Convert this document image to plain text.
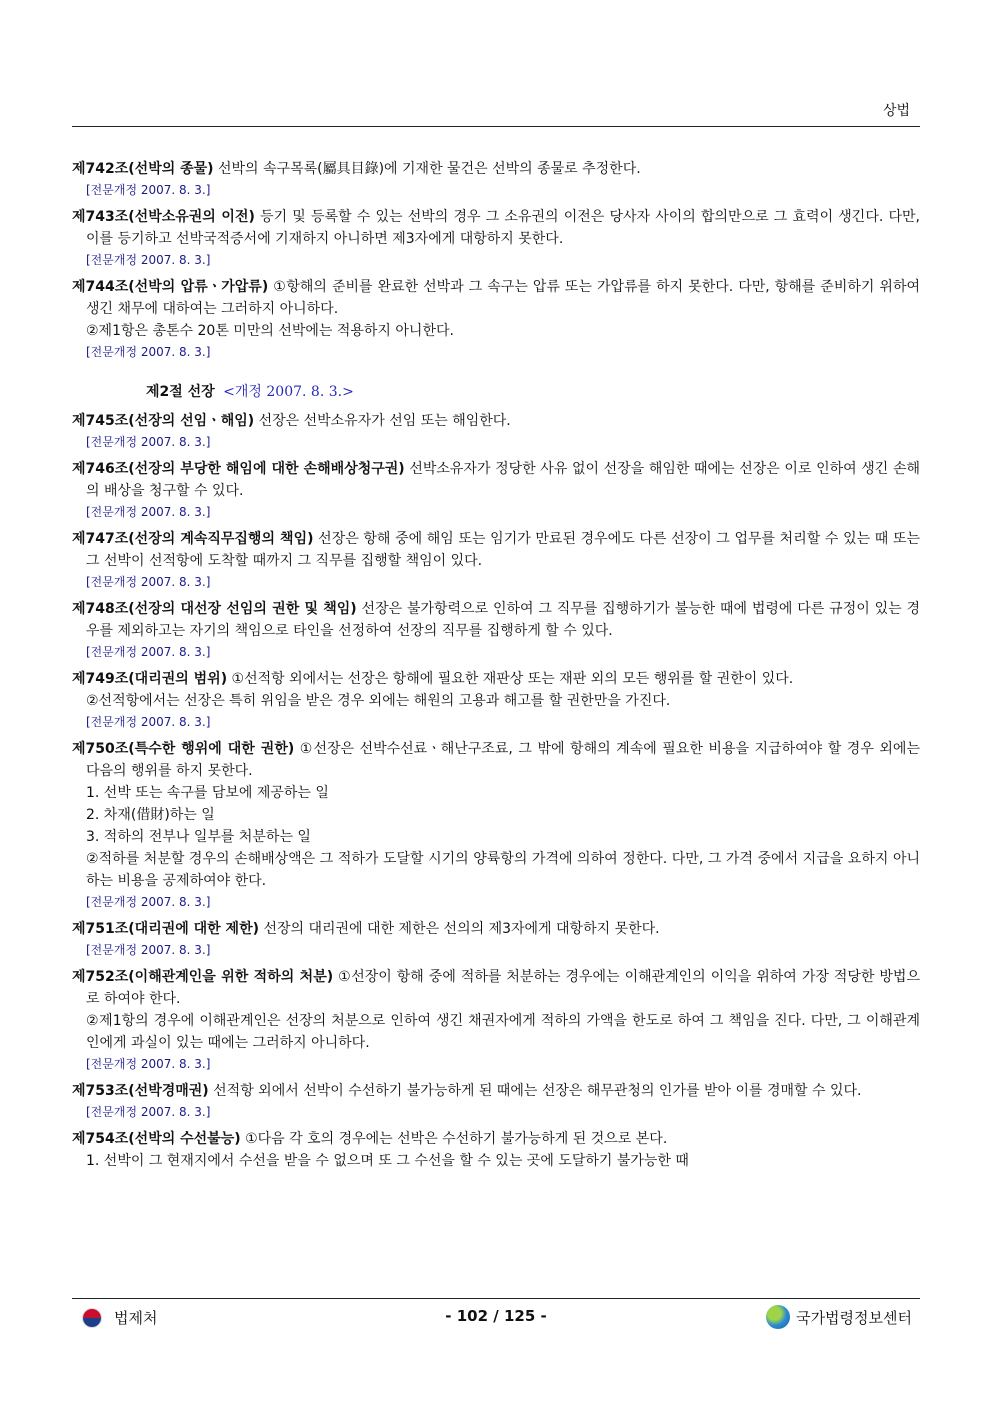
상법

제742조(선박의 종물) 선박의 속구목록(屬具目錄)에 기재한 물건은 선박의 종물로 추정한다.

[전문개정 2007. 8. 3.]

제743조(선박소유권의 이전) 등기 및 등록할 수 있는 선박의 경우 그 소유권의 이전은 당사자 사이의 합의만으로 그 효력이 생긴다. 다만, 이를 등기하고 선박국적증서에 기재하지 아니하면 제3자에게 대항하지 못한다.

[전문개정 2007. 8. 3.]

제744조(선박의 압류ㆍ가압류) ①항해의 준비를 완료한 선박과 그 속구는 압류 또는 가압류를 하지 못한다. 다만, 항해를 준비하기 위하여 생긴 채무에 대하여는 그러하지 아니하다.

②제1항은 총톤수 20톤 미만의 선박에는 적용하지 아니한다.

[전문개정 2007. 8. 3.]

제2절 선장 <개정 2007. 8. 3.>

제745조(선장의 선임ㆍ해임) 선장은 선박소유자가 선임 또는 해임한다.

[전문개정 2007. 8. 3.]

제746조(선장의 부당한 해임에 대한 손해배상청구권) 선박소유자가 정당한 사유 없이 선장을 해임한 때에는 선장은 이로 인하여 생긴 손해의 배상을 청구할 수 있다.

[전문개정 2007. 8. 3.]

제747조(선장의 계속직무집행의 책임) 선장은 항해 중에 해임 또는 임기가 만료된 경우에도 다른 선장이 그 업무를 처리할 수 있는 때 또는 그 선박이 선적항에 도착할 때까지 그 직무를 집행할 책임이 있다.

[전문개정 2007. 8. 3.]

제748조(선장의 대선장 선임의 권한 및 책임) 선장은 불가항력으로 인하여 그 직무를 집행하기가 불능한 때에 법령에 다른 규정이 있는 경우를 제외하고는 자기의 책임으로 타인을 선정하여 선장의 직무를 집행하게 할 수 있다.

[전문개정 2007. 8. 3.]

제749조(대리권의 범위) ①선적항 외에서는 선장은 항해에 필요한 재판상 또는 재판 외의 모든 행위를 할 권한이 있다.

②선적항에서는 선장은 특히 위임을 받은 경우 외에는 해원의 고용과 해고를 할 권한만을 가진다.

[전문개정 2007. 8. 3.]

제750조(특수한 행위에 대한 권한) ①선장은 선박수선료ㆍ해난구조료, 그 밖에 항해의 계속에 필요한 비용을 지급하여야 할 경우 외에는 다음의 행위를 하지 못한다.

1. 선박 또는 속구를 담보에 제공하는 일

2. 차재(借財)하는 일

3. 적하의 전부나 일부를 처분하는 일

②적하를 처분할 경우의 손해배상액은 그 적하가 도달할 시기의 양륙항의 가격에 의하여 정한다. 다만, 그 가격 중에서 지급을 요하지 아니하는 비용을 공제하여야 한다.

[전문개정 2007. 8. 3.]

제751조(대리권에 대한 제한) 선장의 대리권에 대한 제한은 선의의 제3자에게 대항하지 못한다.

[전문개정 2007. 8. 3.]

제752조(이해관계인을 위한 적하의 처분) ①선장이 항해 중에 적하를 처분하는 경우에는 이해관계인의 이익을 위하여 가장 적당한 방법으로 하여야 한다.

②제1항의 경우에 이해관계인은 선장의 처분으로 인하여 생긴 채권자에게 적하의 가액을 한도로 하여 그 책임을 진다. 다만, 그 이해관계인에게 과실이 있는 때에는 그러하지 아니하다.

[전문개정 2007. 8. 3.]

제753조(선박경매권) 선적항 외에서 선박이 수선하기 불가능하게 된 때에는 선장은 해무관청의 인가를 받아 이를 경매할 수 있다.

[전문개정 2007. 8. 3.]

제754조(선박의 수선불능) ①다음 각 호의 경우에는 선박은 수선하기 불가능하게 된 것으로 본다.

1. 선박이 그 현재지에서 수선을 받을 수 없으며 또 그 수선을 할 수 있는 곳에 도달하기 불가능한 때

법제처	- 102 / 125 -	국가법령정보센터
